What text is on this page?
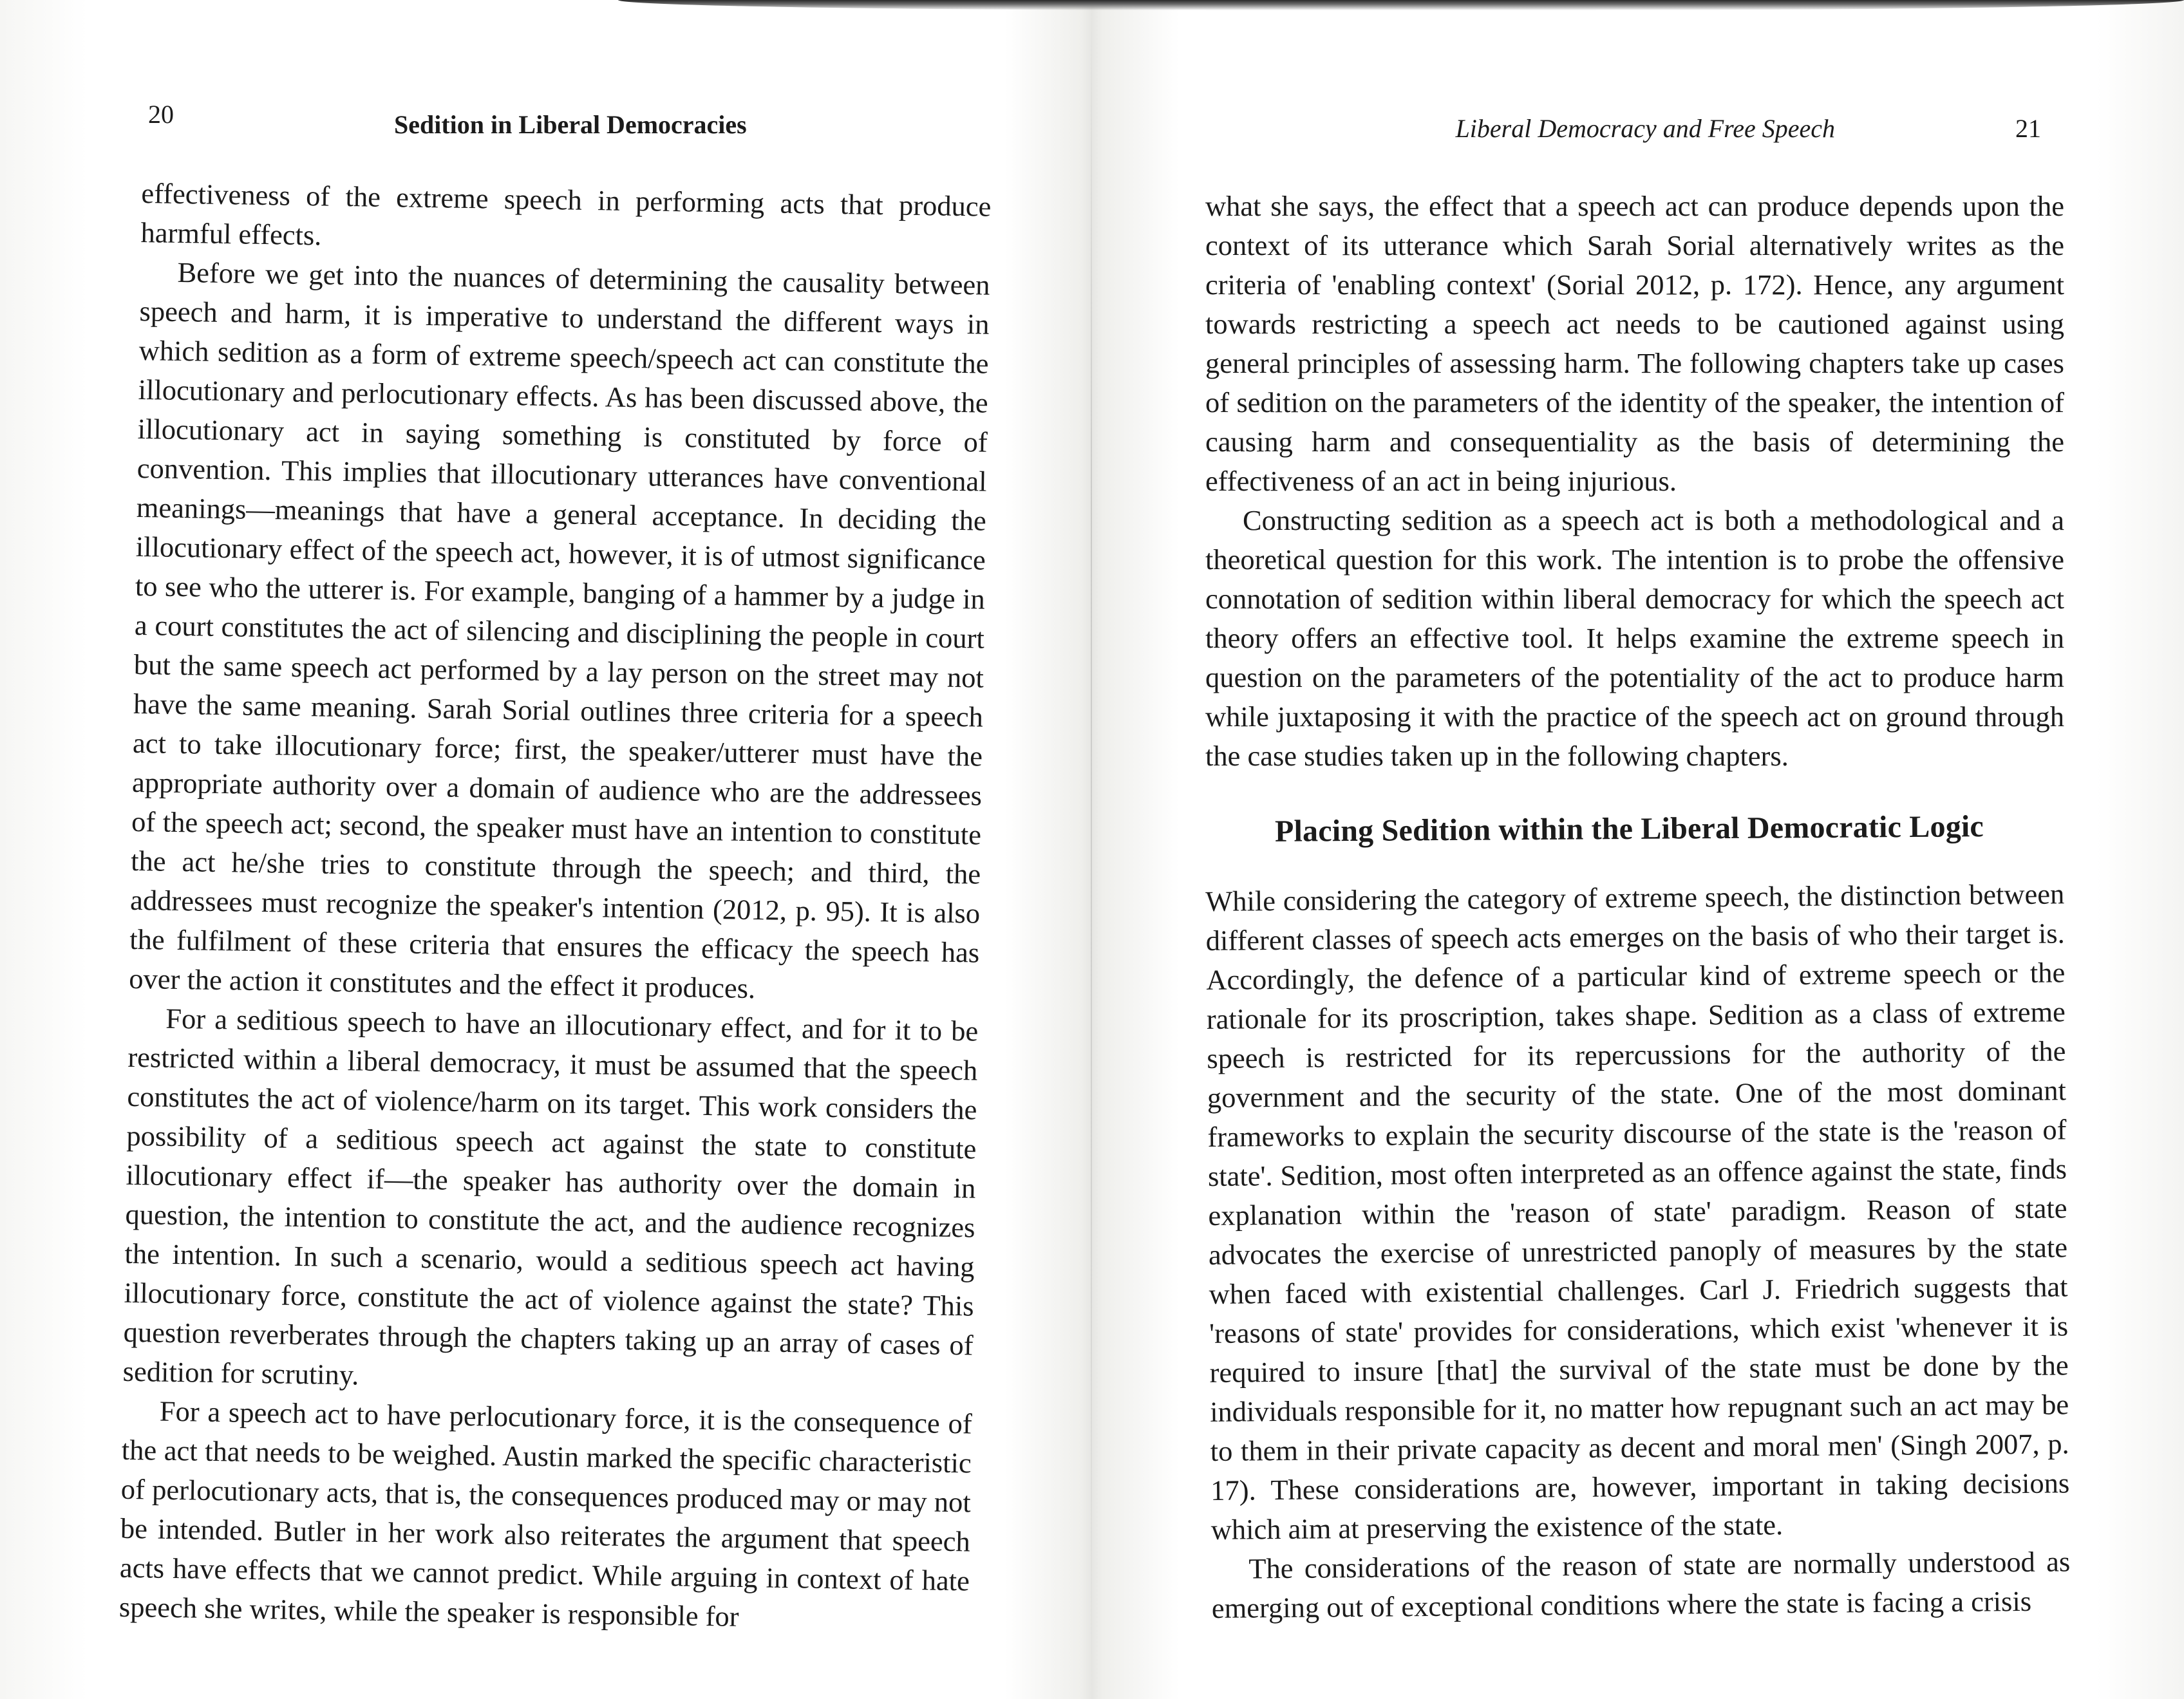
20	Sedition in Liberal Democracies

effectiveness of the extreme speech in performing acts that produce harmful effects.

Before we get into the nuances of determining the causality between speech and harm, it is imperative to understand the different ways in which sedition as a form of extreme speech/speech act can constitute the illocutionary and perlocutionary effects. As has been discussed above, the illocutionary act in saying something is constituted by force of convention. This implies that illocutionary utterances have conventional meanings—meanings that have a general acceptance. In deciding the illocutionary effect of the speech act, however, it is of utmost significance to see who the utterer is. For example, banging of a hammer by a judge in a court constitutes the act of silencing and disciplining the people in court but the same speech act performed by a lay person on the street may not have the same meaning. Sarah Sorial outlines three criteria for a speech act to take illocutionary force; first, the speaker/utterer must have the appropriate authority over a domain of audience who are the addressees of the speech act; second, the speaker must have an intention to constitute the act he/she tries to constitute through the speech; and third, the addressees must recognize the speaker's intention (2012, p. 95). It is also the fulfilment of these criteria that ensures the efficacy the speech has over the action it constitutes and the effect it produces.

For a seditious speech to have an illocutionary effect, and for it to be restricted within a liberal democracy, it must be assumed that the speech constitutes the act of violence/harm on its target. This work considers the possibility of a seditious speech act against the state to constitute illocutionary effect if—the speaker has authority over the domain in question, the intention to constitute the act, and the audience recognizes the intention. In such a scenario, would a seditious speech act having illocutionary force, constitute the act of violence against the state? This question reverberates through the chapters taking up an array of cases of sedition for scrutiny.

For a speech act to have perlocutionary force, it is the consequence of the act that needs to be weighed. Austin marked the specific characteristic of perlocutionary acts, that is, the consequences produced may or may not be intended. Butler in her work also reiterates the argument that speech acts have effects that we cannot predict. While arguing in context of hate speech she writes, while the speaker is responsible for

Liberal Democracy and Free Speech	21

what she says, the effect that a speech act can produce depends upon the context of its utterance which Sarah Sorial alternatively writes as the criteria of 'enabling context' (Sorial 2012, p. 172). Hence, any argument towards restricting a speech act needs to be cautioned against using general principles of assessing harm. The following chapters take up cases of sedition on the parameters of the identity of the speaker, the intention of causing harm and consequentiality as the basis of determining the effectiveness of an act in being injurious.

Constructing sedition as a speech act is both a methodological and a theoretical question for this work. The intention is to probe the offensive connotation of sedition within liberal democracy for which the speech act theory offers an effective tool. It helps examine the extreme speech in question on the parameters of the potentiality of the act to produce harm while juxtaposing it with the practice of the speech act on ground through the case studies taken up in the following chapters.

Placing Sedition within the Liberal Democratic Logic

While considering the category of extreme speech, the distinction between different classes of speech acts emerges on the basis of who their target is. Accordingly, the defence of a particular kind of extreme speech or the rationale for its proscription, takes shape. Sedition as a class of extreme speech is restricted for its repercussions for the authority of the government and the security of the state. One of the most dominant frameworks to explain the security discourse of the state is the 'reason of state'. Sedition, most often interpreted as an offence against the state, finds explanation within the 'reason of state' paradigm. Reason of state advocates the exercise of unrestricted panoply of measures by the state when faced with existential challenges. Carl J. Friedrich suggests that 'reasons of state' provides for considerations, which exist 'whenever it is required to insure [that] the survival of the state must be done by the individuals responsible for it, no matter how repugnant such an act may be to them in their private capacity as decent and moral men' (Singh 2007, p. 17). These considerations are, however, important in taking decisions which aim at preserving the existence of the state.

The considerations of the reason of state are normally understood as emerging out of exceptional conditions where the state is facing a crisis
